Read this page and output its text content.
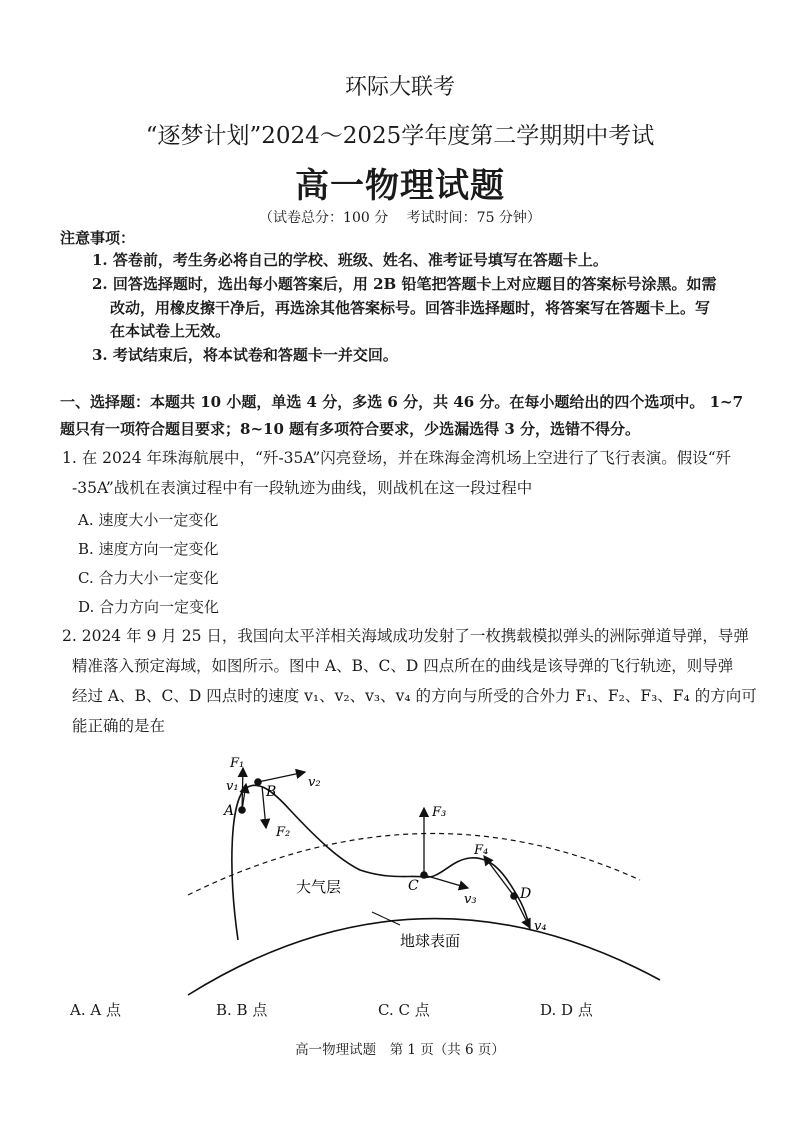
环际大联考
“逐梦计划”2024～2025学年度第二学期期中考试
高一物理试题
（试卷总分：100 分　 考试时间：75 分钟）
注意事项：
1. 答卷前，考生务必将自己的学校、班级、姓名、准考证号填写在答题卡上。
2. 回答选择题时，选出每小题答案后，用 2B 铅笔把答题卡上对应题目的答案标号涂黑。如需
改动，用橡皮擦干净后，再选涂其他答案标号。回答非选择题时，将答案写在答题卡上。写
在本试卷上无效。
3. 考试结束后，将本试卷和答题卡一并交回。
一、选择题：本题共 10 小题，单选 4 分，多选 6 分，共 46 分。在每小题给出的四个选项中。 1~7
题只有一项符合题目要求；8~10 题有多项符合要求，少选漏选得 3 分，选错不得分。
1. 在 2024 年珠海航展中，“歼-35A”闪亮登场，并在珠海金湾机场上空进行了飞行表演。假设“歼
-35A”战机在表演过程中有一段轨迹为曲线，则战机在这一段过程中
A. 速度大小一定变化
B. 速度方向一定变化
C. 合力大小一定变化
D. 合力方向一定变化
2. 2024 年 9 月 25 日，我国向太平洋相关海域成功发射了一枚携载模拟弹头的洲际弹道导弹，导弹
精准落入预定海域，如图所示。图中 A、B、C、D 四点所在的曲线是该导弹的飞行轨迹，则导弹
经过 A、B、C、D 四点时的速度 v₁、v₂、v₃、v₄ 的方向与所受的合外力 F₁、F₂、F₃、F₄ 的方向可
能正确的是在
F₁
v₁
A
B
v₂
F₂
F₃
C
v₃
F₄
D
v₄
大气层
地球表面
A. A 点	B. B 点	C. C 点	D. D 点
高一物理试题　第 1 页（共 6 页）
